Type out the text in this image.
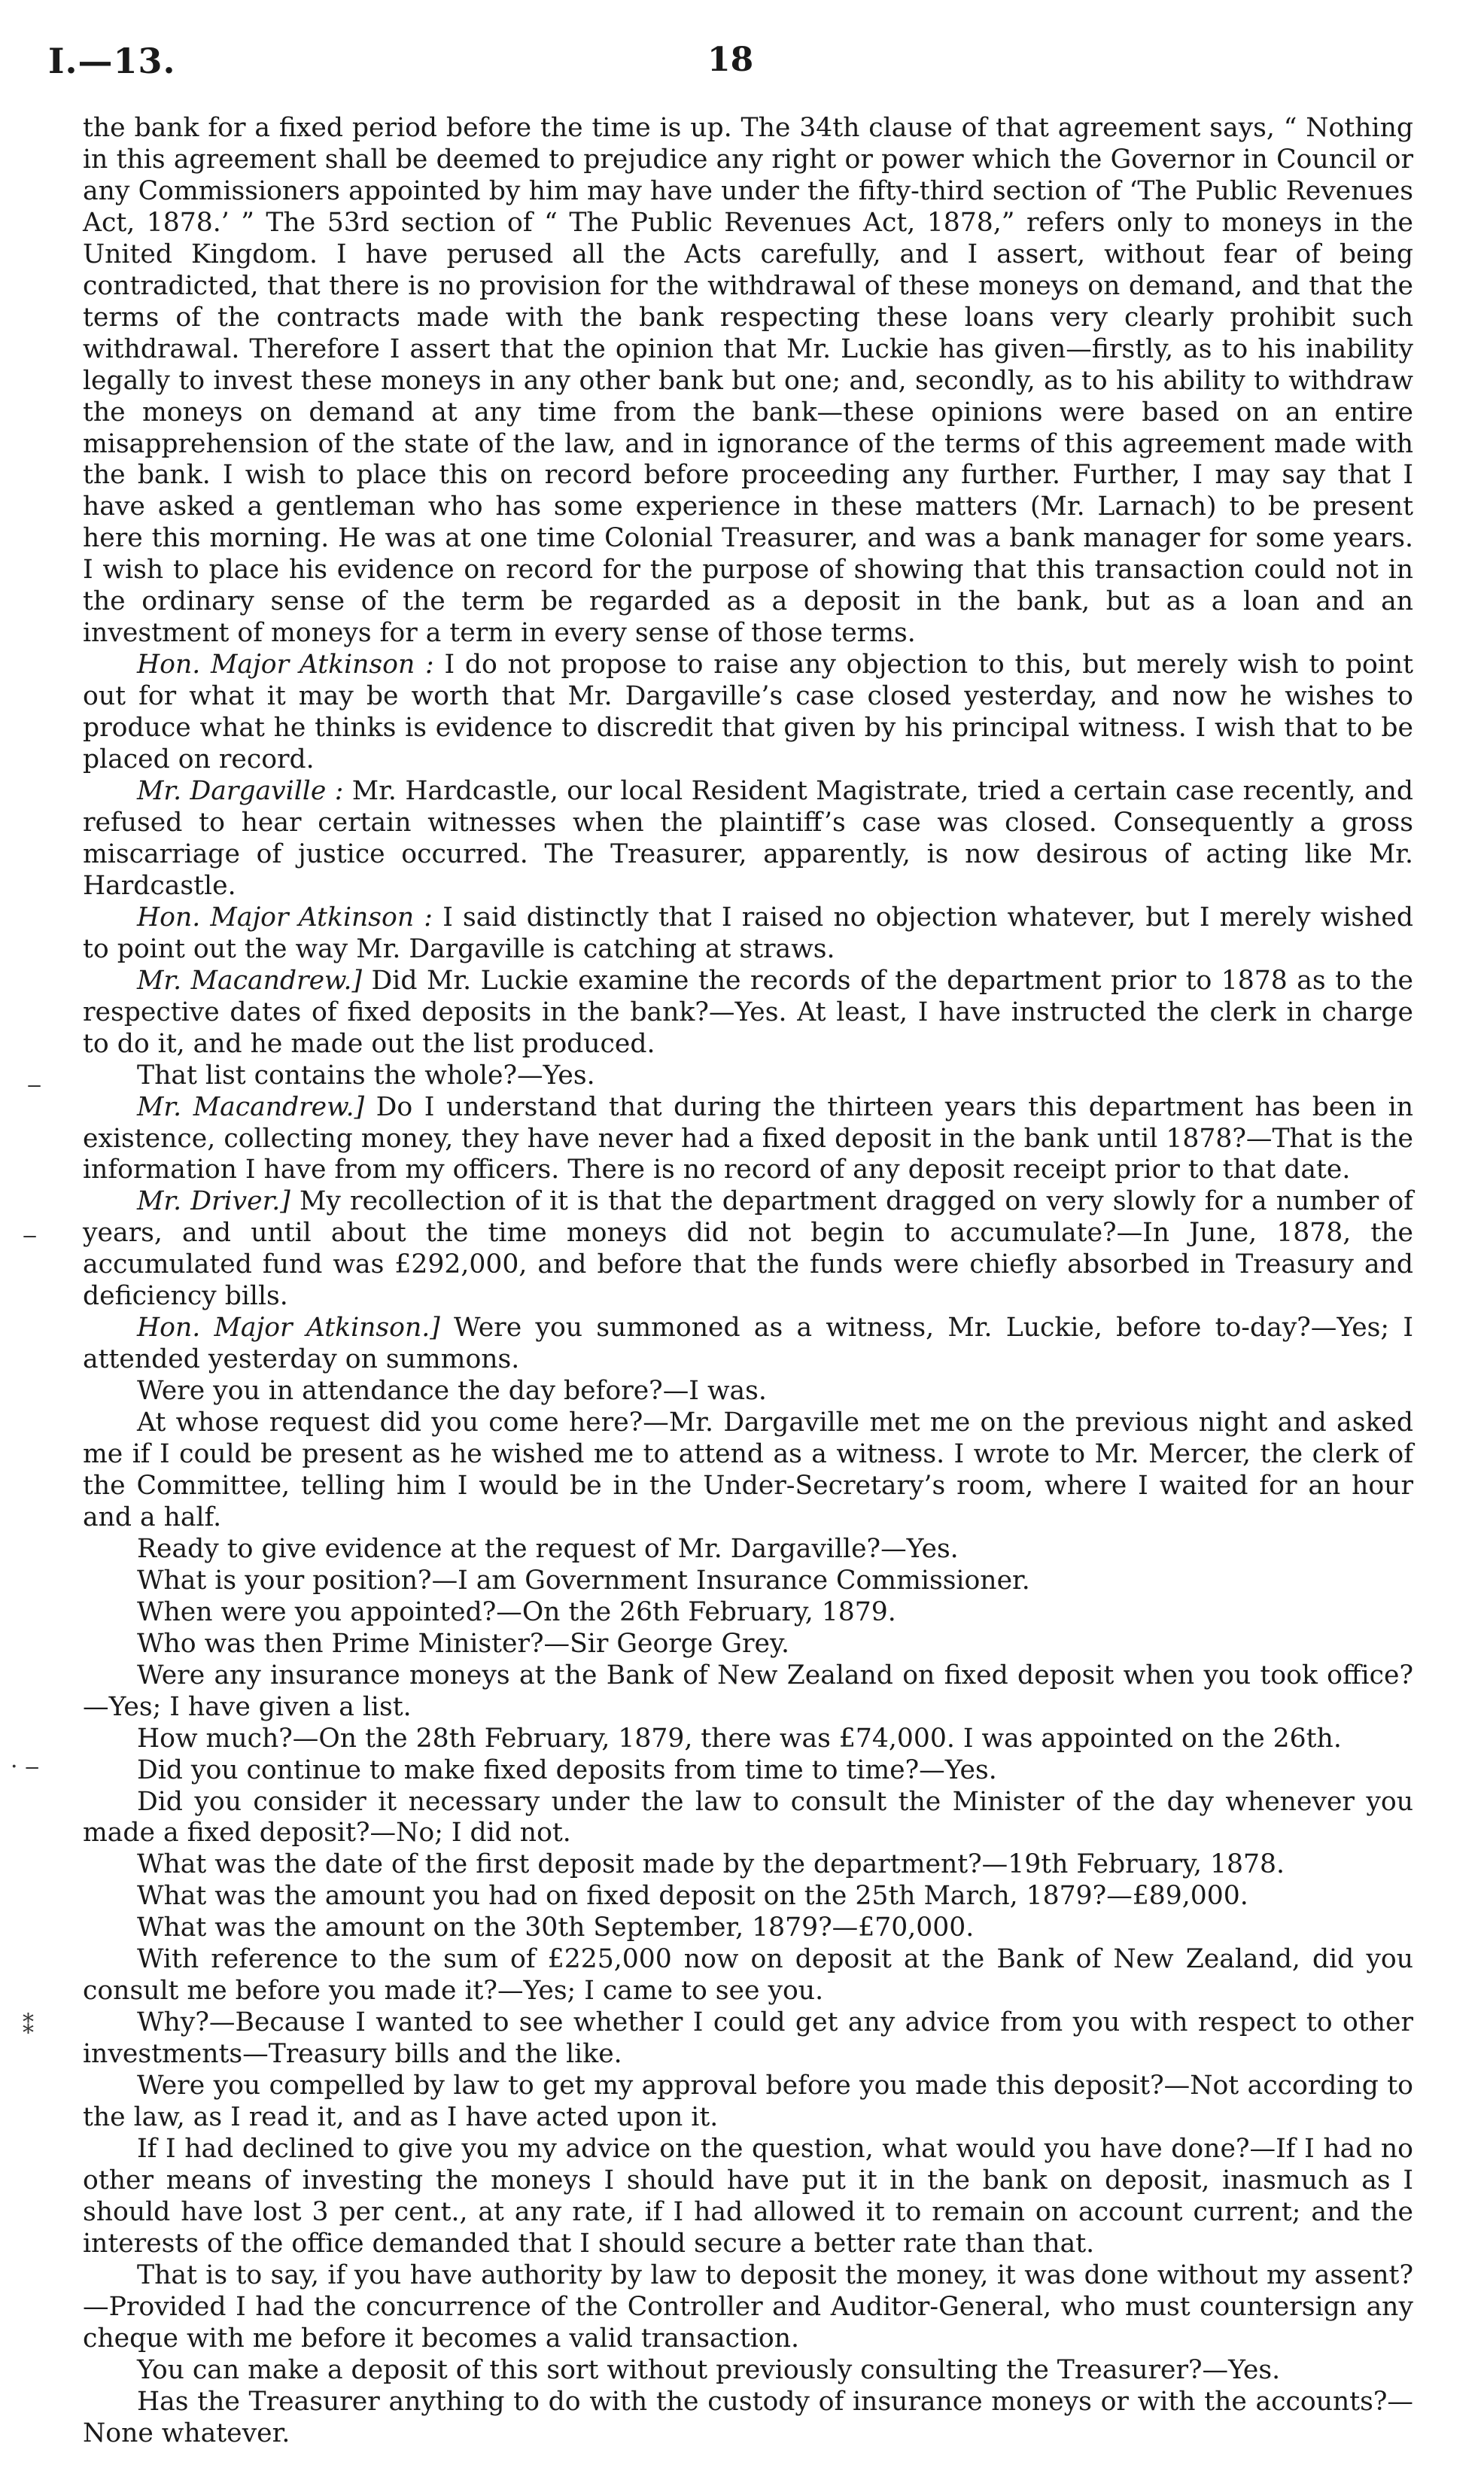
I.—13.	18
‒
‒
· ‒
⁑

the bank for a fixed period before the time is up. The 34th clause of that agreement says, “ Nothing in this agreement shall be deemed to prejudice any right or power which the Governor in Council or any Commissioners appointed by him may have under the fifty-third section of ‘The Public Revenues Act, 1878.’ ” The 53rd section of “ The Public Revenues Act, 1878,” refers only to moneys in the United Kingdom. I have perused all the Acts carefully, and I assert, without fear of being contradicted, that there is no provision for the withdrawal of these moneys on demand, and that the terms of the contracts made with the bank respecting these loans very clearly prohibit such withdrawal. Therefore I assert that the opinion that Mr. Luckie has given—firstly, as to his inability legally to invest these moneys in any other bank but one; and, secondly, as to his ability to withdraw the moneys on demand at any time from the bank—these opinions were based on an entire misapprehension of the state of the law, and in ignorance of the terms of this agreement made with the bank. I wish to place this on record before proceeding any further. Further, I may say that I have asked a gentleman who has some experience in these matters (Mr. Larnach) to be present here this morning. He was at one time Colonial Treasurer, and was a bank manager for some years. I wish to place his evidence on record for the purpose of showing that this transaction could not in the ordinary sense of the term be regarded as a deposit in the bank, but as a loan and an investment of moneys for a term in every sense of those terms.

Hon. Major Atkinson : I do not propose to raise any objection to this, but merely wish to point out for what it may be worth that Mr. Dargaville’s case closed yesterday, and now he wishes to produce what he thinks is evidence to discredit that given by his principal witness. I wish that to be placed on record.

Mr. Dargaville : Mr. Hardcastle, our local Resident Magistrate, tried a certain case recently, and refused to hear certain witnesses when the plaintiff’s case was closed. Consequently a gross miscarriage of justice occurred. The Treasurer, apparently, is now desirous of acting like Mr. Hardcastle.

Hon. Major Atkinson : I said distinctly that I raised no objection whatever, but I merely wished to point out the way Mr. Dargaville is catching at straws.

Mr. Macandrew.] Did Mr. Luckie examine the records of the department prior to 1878 as to the respective dates of fixed deposits in the bank?—Yes. At least, I have instructed the clerk in charge to do it, and he made out the list produced.

That list contains the whole?—Yes.

Mr. Macandrew.] Do I understand that during the thirteen years this department has been in existence, collecting money, they have never had a fixed deposit in the bank until 1878?—That is the information I have from my officers. There is no record of any deposit receipt prior to that date.

Mr. Driver.] My recollection of it is that the department dragged on very slowly for a number of years, and until about the time moneys did not begin to accumulate?—In June, 1878, the accumulated fund was £292,000, and before that the funds were chiefly absorbed in Treasury and deficiency bills.

Hon. Major Atkinson.] Were you summoned as a witness, Mr. Luckie, before to-day?—Yes; I attended yesterday on summons.

Were you in attendance the day before?—I was.

At whose request did you come here?—Mr. Dargaville met me on the previous night and asked me if I could be present as he wished me to attend as a witness. I wrote to Mr. Mercer, the clerk of the Committee, telling him I would be in the Under-Secretary’s room, where I waited for an hour and a half.

Ready to give evidence at the request of Mr. Dargaville?—Yes.

What is your position?—I am Government Insurance Commissioner.

When were you appointed?—On the 26th February, 1879.

Who was then Prime Minister?—Sir George Grey.

Were any insurance moneys at the Bank of New Zealand on fixed deposit when you took office?—Yes; I have given a list.

How much?—On the 28th February, 1879, there was £74,000. I was appointed on the 26th.

Did you continue to make fixed deposits from time to time?—Yes.

Did you consider it necessary under the law to consult the Minister of the day whenever you made a fixed deposit?—No; I did not.

What was the date of the first deposit made by the department?—19th February, 1878.

What was the amount you had on fixed deposit on the 25th March, 1879?—£89,000.

What was the amount on the 30th September, 1879?—£70,000.

With reference to the sum of £225,000 now on deposit at the Bank of New Zealand, did you consult me before you made it?—Yes; I came to see you.

Why?—Because I wanted to see whether I could get any advice from you with respect to other investments—Treasury bills and the like.

Were you compelled by law to get my approval before you made this deposit?—Not according to the law, as I read it, and as I have acted upon it.

If I had declined to give you my advice on the question, what would you have done?—If I had no other means of investing the moneys I should have put it in the bank on deposit, inasmuch as I should have lost 3 per cent., at any rate, if I had allowed it to remain on account current; and the interests of the office demanded that I should secure a better rate than that.

That is to say, if you have authority by law to deposit the money, it was done without my assent?—Provided I had the concurrence of the Controller and Auditor-General, who must countersign any cheque with me before it becomes a valid transaction.

You can make a deposit of this sort without previously consulting the Treasurer?—Yes.

Has the Treasurer anything to do with the custody of insurance moneys or with the accounts?—None whatever.
